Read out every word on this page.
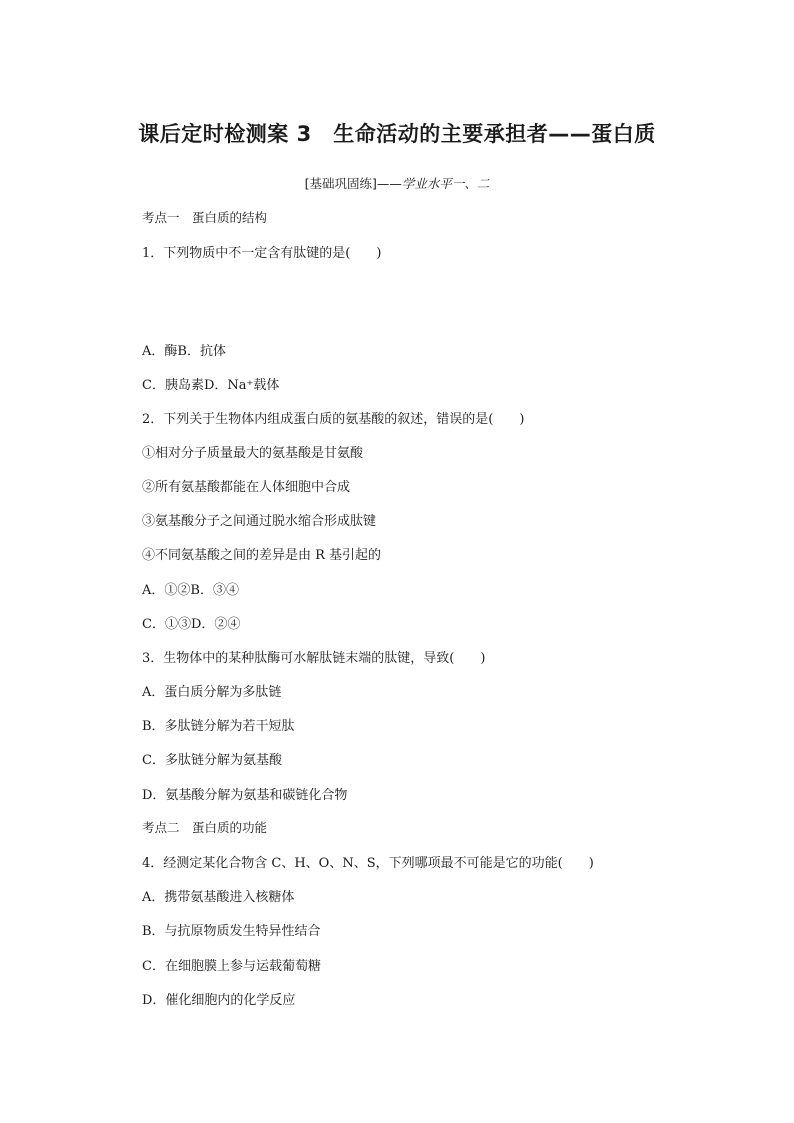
课后定时检测案 3　生命活动的主要承担者——蛋白质
[基础巩固练]——学业水平一、二
考点一　蛋白质的结构
1．下列物质中不一定含有肽键的是(　　)
A．酶B．抗体
C．胰岛素D．Na⁺载体
2．下列关于生物体内组成蛋白质的氨基酸的叙述，错误的是(　　)
①相对分子质量最大的氨基酸是甘氨酸
②所有氨基酸都能在人体细胞中合成
③氨基酸分子之间通过脱水缩合形成肽键
④不同氨基酸之间的差异是由 R 基引起的
A．①②B．③④
C．①③D．②④
3．生物体中的某种肽酶可水解肽链末端的肽键，导致(　　)
A．蛋白质分解为多肽链
B．多肽链分解为若干短肽
C．多肽链分解为氨基酸
D．氨基酸分解为氨基和碳链化合物
考点二　蛋白质的功能
4．经测定某化合物含 C、H、O、N、S，下列哪项最不可能是它的功能(　　)
A．携带氨基酸进入核糖体
B．与抗原物质发生特异性结合
C．在细胞膜上参与运载葡萄糖
D．催化细胞内的化学反应
